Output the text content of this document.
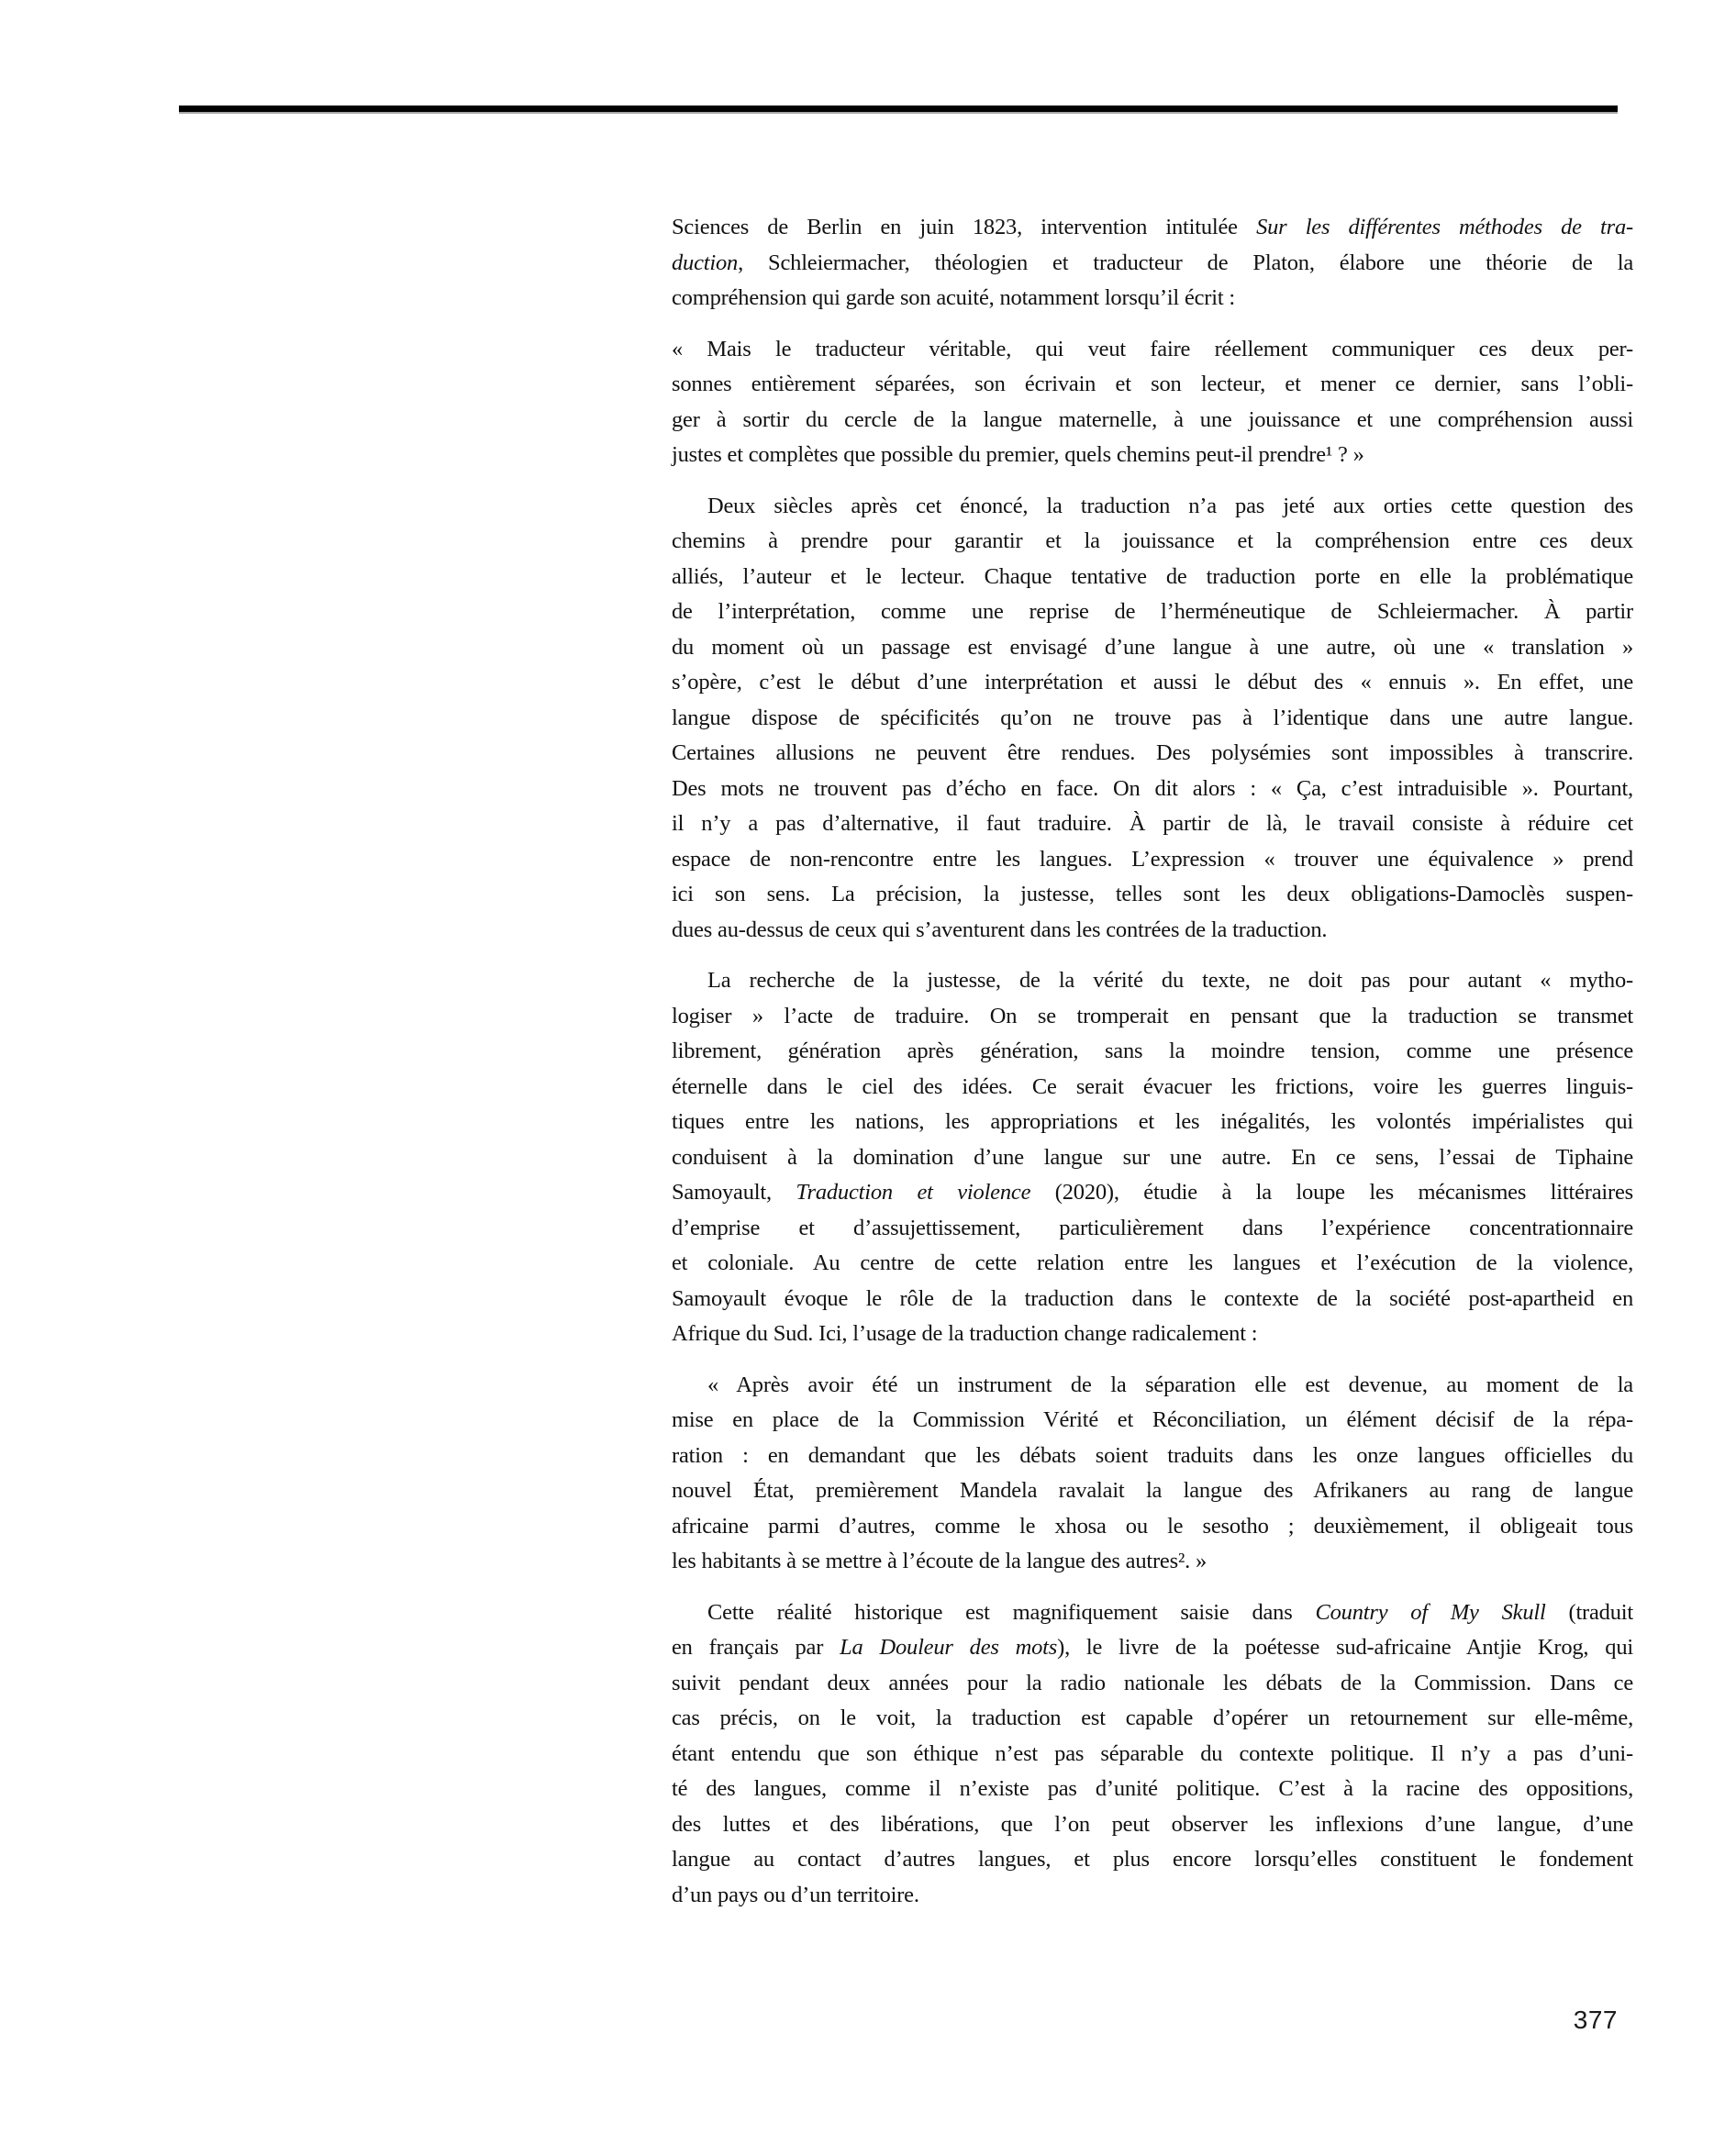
Sciences de Berlin en juin 1823, intervention intitulée Sur les différentes méthodes de tra-
duction, Schleiermacher, théologien et traducteur de Platon, élabore une théorie de la
compréhension qui garde son acuité, notamment lorsqu’il écrit :
« Mais le traducteur véritable, qui veut faire réellement communiquer ces deux per-
sonnes entièrement séparées, son écrivain et son lecteur, et mener ce dernier, sans l’obli-
ger à sortir du cercle de la langue maternelle, à une jouissance et une compréhension aussi
justes et complètes que possible du premier, quels chemins peut-il prendre¹ ? »
Deux siècles après cet énoncé, la traduction n’a pas jeté aux orties cette question des
chemins à prendre pour garantir et la jouissance et la compréhension entre ces deux
alliés, l’auteur et le lecteur. Chaque tentative de traduction porte en elle la problématique
de l’interprétation, comme une reprise de l’herméneutique de Schleiermacher. À partir
du moment où un passage est envisagé d’une langue à une autre, où une « translation »
s’opère, c’est le début d’une interprétation et aussi le début des « ennuis ». En effet, une
langue dispose de spécificités qu’on ne trouve pas à l’identique dans une autre langue.
Certaines allusions ne peuvent être rendues. Des polysémies sont impossibles à transcrire.
Des mots ne trouvent pas d’écho en face. On dit alors : « Ça, c’est intraduisible ». Pourtant,
il n’y a pas d’alternative, il faut traduire. À partir de là, le travail consiste à réduire cet
espace de non-rencontre entre les langues. L’expression « trouver une équivalence » prend
ici son sens. La précision, la justesse, telles sont les deux obligations-Damoclès suspen-
dues au-dessus de ceux qui s’aventurent dans les contrées de la traduction.
La recherche de la justesse, de la vérité du texte, ne doit pas pour autant « mytho-
logiser » l’acte de traduire. On se tromperait en pensant que la traduction se transmet
librement, génération après génération, sans la moindre tension, comme une présence
éternelle dans le ciel des idées. Ce serait évacuer les frictions, voire les guerres linguis-
tiques entre les nations, les appropriations et les inégalités, les volontés impérialistes qui
conduisent à la domination d’une langue sur une autre. En ce sens, l’essai de Tiphaine
Samoyault, Traduction et violence (2020), étudie à la loupe les mécanismes littéraires
d’emprise et d’assujettissement, particulièrement dans l’expérience concentrationnaire
et coloniale. Au centre de cette relation entre les langues et l’exécution de la violence,
Samoyault évoque le rôle de la traduction dans le contexte de la société post-apartheid en
Afrique du Sud. Ici, l’usage de la traduction change radicalement :
« Après avoir été un instrument de la séparation elle est devenue, au moment de la
mise en place de la Commission Vérité et Réconciliation, un élément décisif de la répa-
ration : en demandant que les débats soient traduits dans les onze langues officielles du
nouvel État, premièrement Mandela ravalait la langue des Afrikaners au rang de langue
africaine parmi d’autres, comme le xhosa ou le sesotho ; deuxièmement, il obligeait tous
les habitants à se mettre à l’écoute de la langue des autres². »
Cette réalité historique est magnifiquement saisie dans Country of My Skull (traduit
en français par La Douleur des mots), le livre de la poétesse sud-africaine Antjie Krog, qui
suivit pendant deux années pour la radio nationale les débats de la Commission. Dans ce
cas précis, on le voit, la traduction est capable d’opérer un retournement sur elle-même,
étant entendu que son éthique n’est pas séparable du contexte politique. Il n’y a pas d’uni-
té des langues, comme il n’existe pas d’unité politique. C’est à la racine des oppositions,
des luttes et des libérations, que l’on peut observer les inflexions d’une langue, d’une
langue au contact d’autres langues, et plus encore lorsqu’elles constituent le fondement
d’un pays ou d’un territoire.
377
